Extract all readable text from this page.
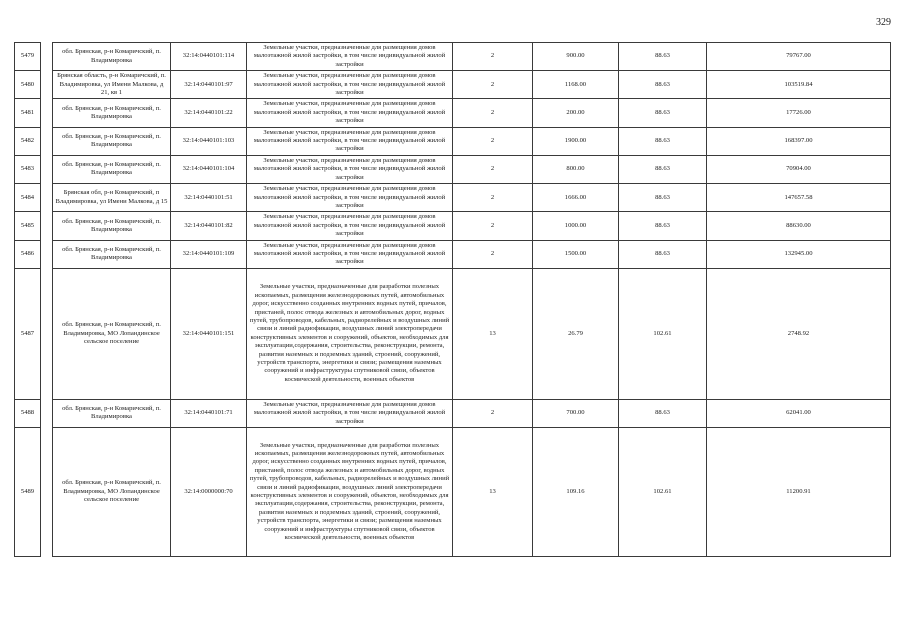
329
5479		обл. Брянская, р-н Комаричский, п. Владимировка	32:14:0440101:114	Земельные участки, предназначенные для размещения домов малоэтажной жилой застройки, в том числе индивидуальной жилой застройки	2	900.00	88.63	79767.00
5480		Брянская область, р-н Комаричский, п. Владимировка, ул Имени Малкова, д 21, кв 1	32:14:0440101:97	Земельные участки, предназначенные для размещения домов малоэтажной жилой застройки, в том числе индивидуальной жилой застройки	2	1168.00	88.63	103519.84
5481		обл. Брянская, р-н Комаричский, п. Владимировка	32:14:0440101:22	Земельные участки, предназначенные для размещения домов малоэтажной жилой застройки, в том числе индивидуальной жилой застройки	2	200.00	88.63	17726.00
5482		обл. Брянская, р-н Комаричский, п. Владимировка	32:14:0440101:103	Земельные участки, предназначенные для размещения домов малоэтажной жилой застройки, в том числе индивидуальной жилой застройки	2	1900.00	88.63	168397.00
5483		обл. Брянская, р-н Комаричский, п. Владимировка	32:14:0440101:104	Земельные участки, предназначенные для размещения домов малоэтажной жилой застройки, в том числе индивидуальной жилой застройки	2	800.00	88.63	70904.00
5484		Брянская обл, р-н Комаричский, п Владимировка, ул Имени Малкова, д 15	32:14:0440101:51	Земельные участки, предназначенные для размещения домов малоэтажной жилой застройки, в том числе индивидуальной жилой застройки	2	1666.00	88.63	147657.58
5485		обл. Брянская, р-н Комаричский, п. Владимировка	32:14:0440101:82	Земельные участки, предназначенные для размещения домов малоэтажной жилой застройки, в том числе индивидуальной жилой застройки	2	1000.00	88.63	88630.00
5486		обл. Брянская, р-н Комаричский, п. Владимировка	32:14:0440101:109	Земельные участки, предназначенные для размещения домов малоэтажной жилой застройки, в том числе индивидуальной жилой застройки	2	1500.00	88.63	132945.00
5487		обл. Брянская, р-н Комаричский, п. Владимировка, МО Лопандинское сельское поселение	32:14:0440101:151	Земельные участки, предназначенные для разработки полезных ископаемых, размещения железнодорожных путей, автомобильных дорог, искусственно созданных внутренних водных путей, причалов, пристаней, полос отвода железных и автомобильных дорог, водных путей, трубопроводов, кабельных, радиорелейных и воздушных линий связи и линий радиофикации, воздушных линий электропередачи конструктивных элементов и сооружений, объектов, необходимых для эксплуатации,содержания, строительства, реконструкции, ремонта, развития наземных и подземных зданий, строений, сооружений, устройств транспорта, энергетики и связи; размещения наземных сооружений и инфраструктуры спутниковой связи, объектов космической деятельности, военных объектов	13	26.79	102.61	2748.92
5488		обл. Брянская, р-н Комаричский, п. Владимировка	32:14:0440101:71	Земельные участки, предназначенные для размещения домов малоэтажной жилой застройки, в том числе индивидуальной жилой застройки	2	700.00	88.63	62041.00
5489		обл. Брянская, р-н Комаричский, п. Владимировка, МО Лопандинское сельское поселение	32:14:0000000:70	Земельные участки, предназначенные для разработки полезных ископаемых, размещения железнодорожных путей, автомобильных дорог, искусственно созданных внутренних водных путей, причалов, пристаней, полос отвода железных и автомобильных дорог, водных путей, трубопроводов, кабельных, радиорелейных и воздушных линий связи и линий радиофикации, воздушных линий электропередачи конструктивных элементов и сооружений, объектов, необходимых для эксплуатации,содержания, строительства, реконструкции, ремонта, развития наземных и подземных зданий, строений, сооружений, устройств транспорта, энергетики и связи; размещения наземных сооружений и инфраструктуры спутниковой связи, объектов космической деятельности, военных объектов	13	109.16	102.61	11200.91
